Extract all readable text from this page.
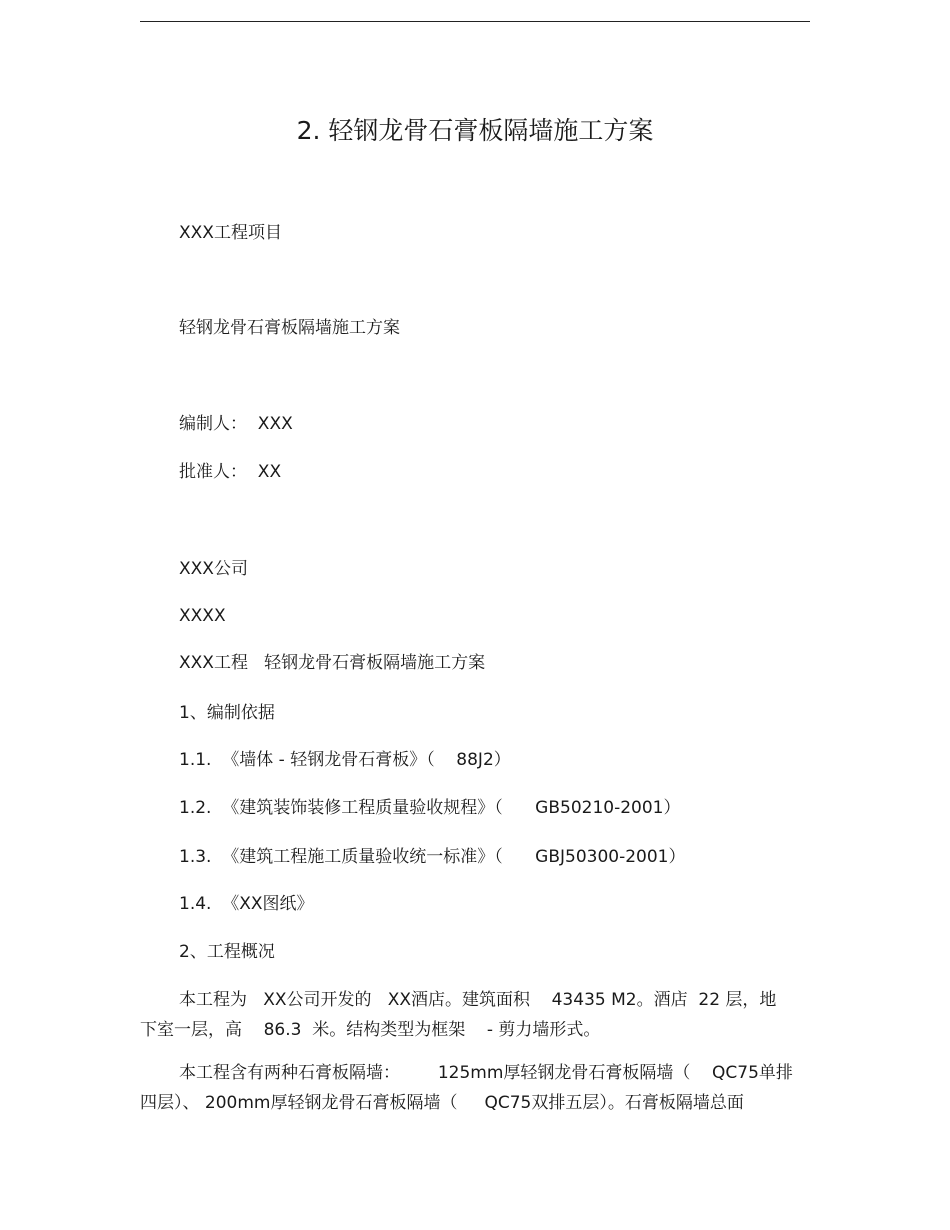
2. 轻钢龙骨石膏板隔墙施工方案
XXX工程项目
轻钢龙骨石膏板隔墙施工方案
编制人：  XXX
批准人：  XX
XXX公司
XXXX
XXX工程   轻钢龙骨石膏板隔墙施工方案
1、编制依据
1.1.  《墙体 - 轻钢龙骨石膏板》（    88J2）
1.2.  《建筑装饰装修工程质量验收规程》（      GB50210-2001）
1.3.  《建筑工程施工质量验收统一标准》（      GBJ50300-2001）
1.4.  《XX图纸》
2、工程概况
本工程为   XX公司开发的   XX酒店。建筑面积    43435 M2。酒店  22 层，地
下室一层，高    86.3  米。结构类型为框架    - 剪力墙形式。
本工程含有两种石膏板隔墙：       125mm厚轻钢龙骨石膏板隔墙（    QC75单排
四层）、 200mm厚轻钢龙骨石膏板隔墙（     QC75双排五层）。石膏板隔墙总面
